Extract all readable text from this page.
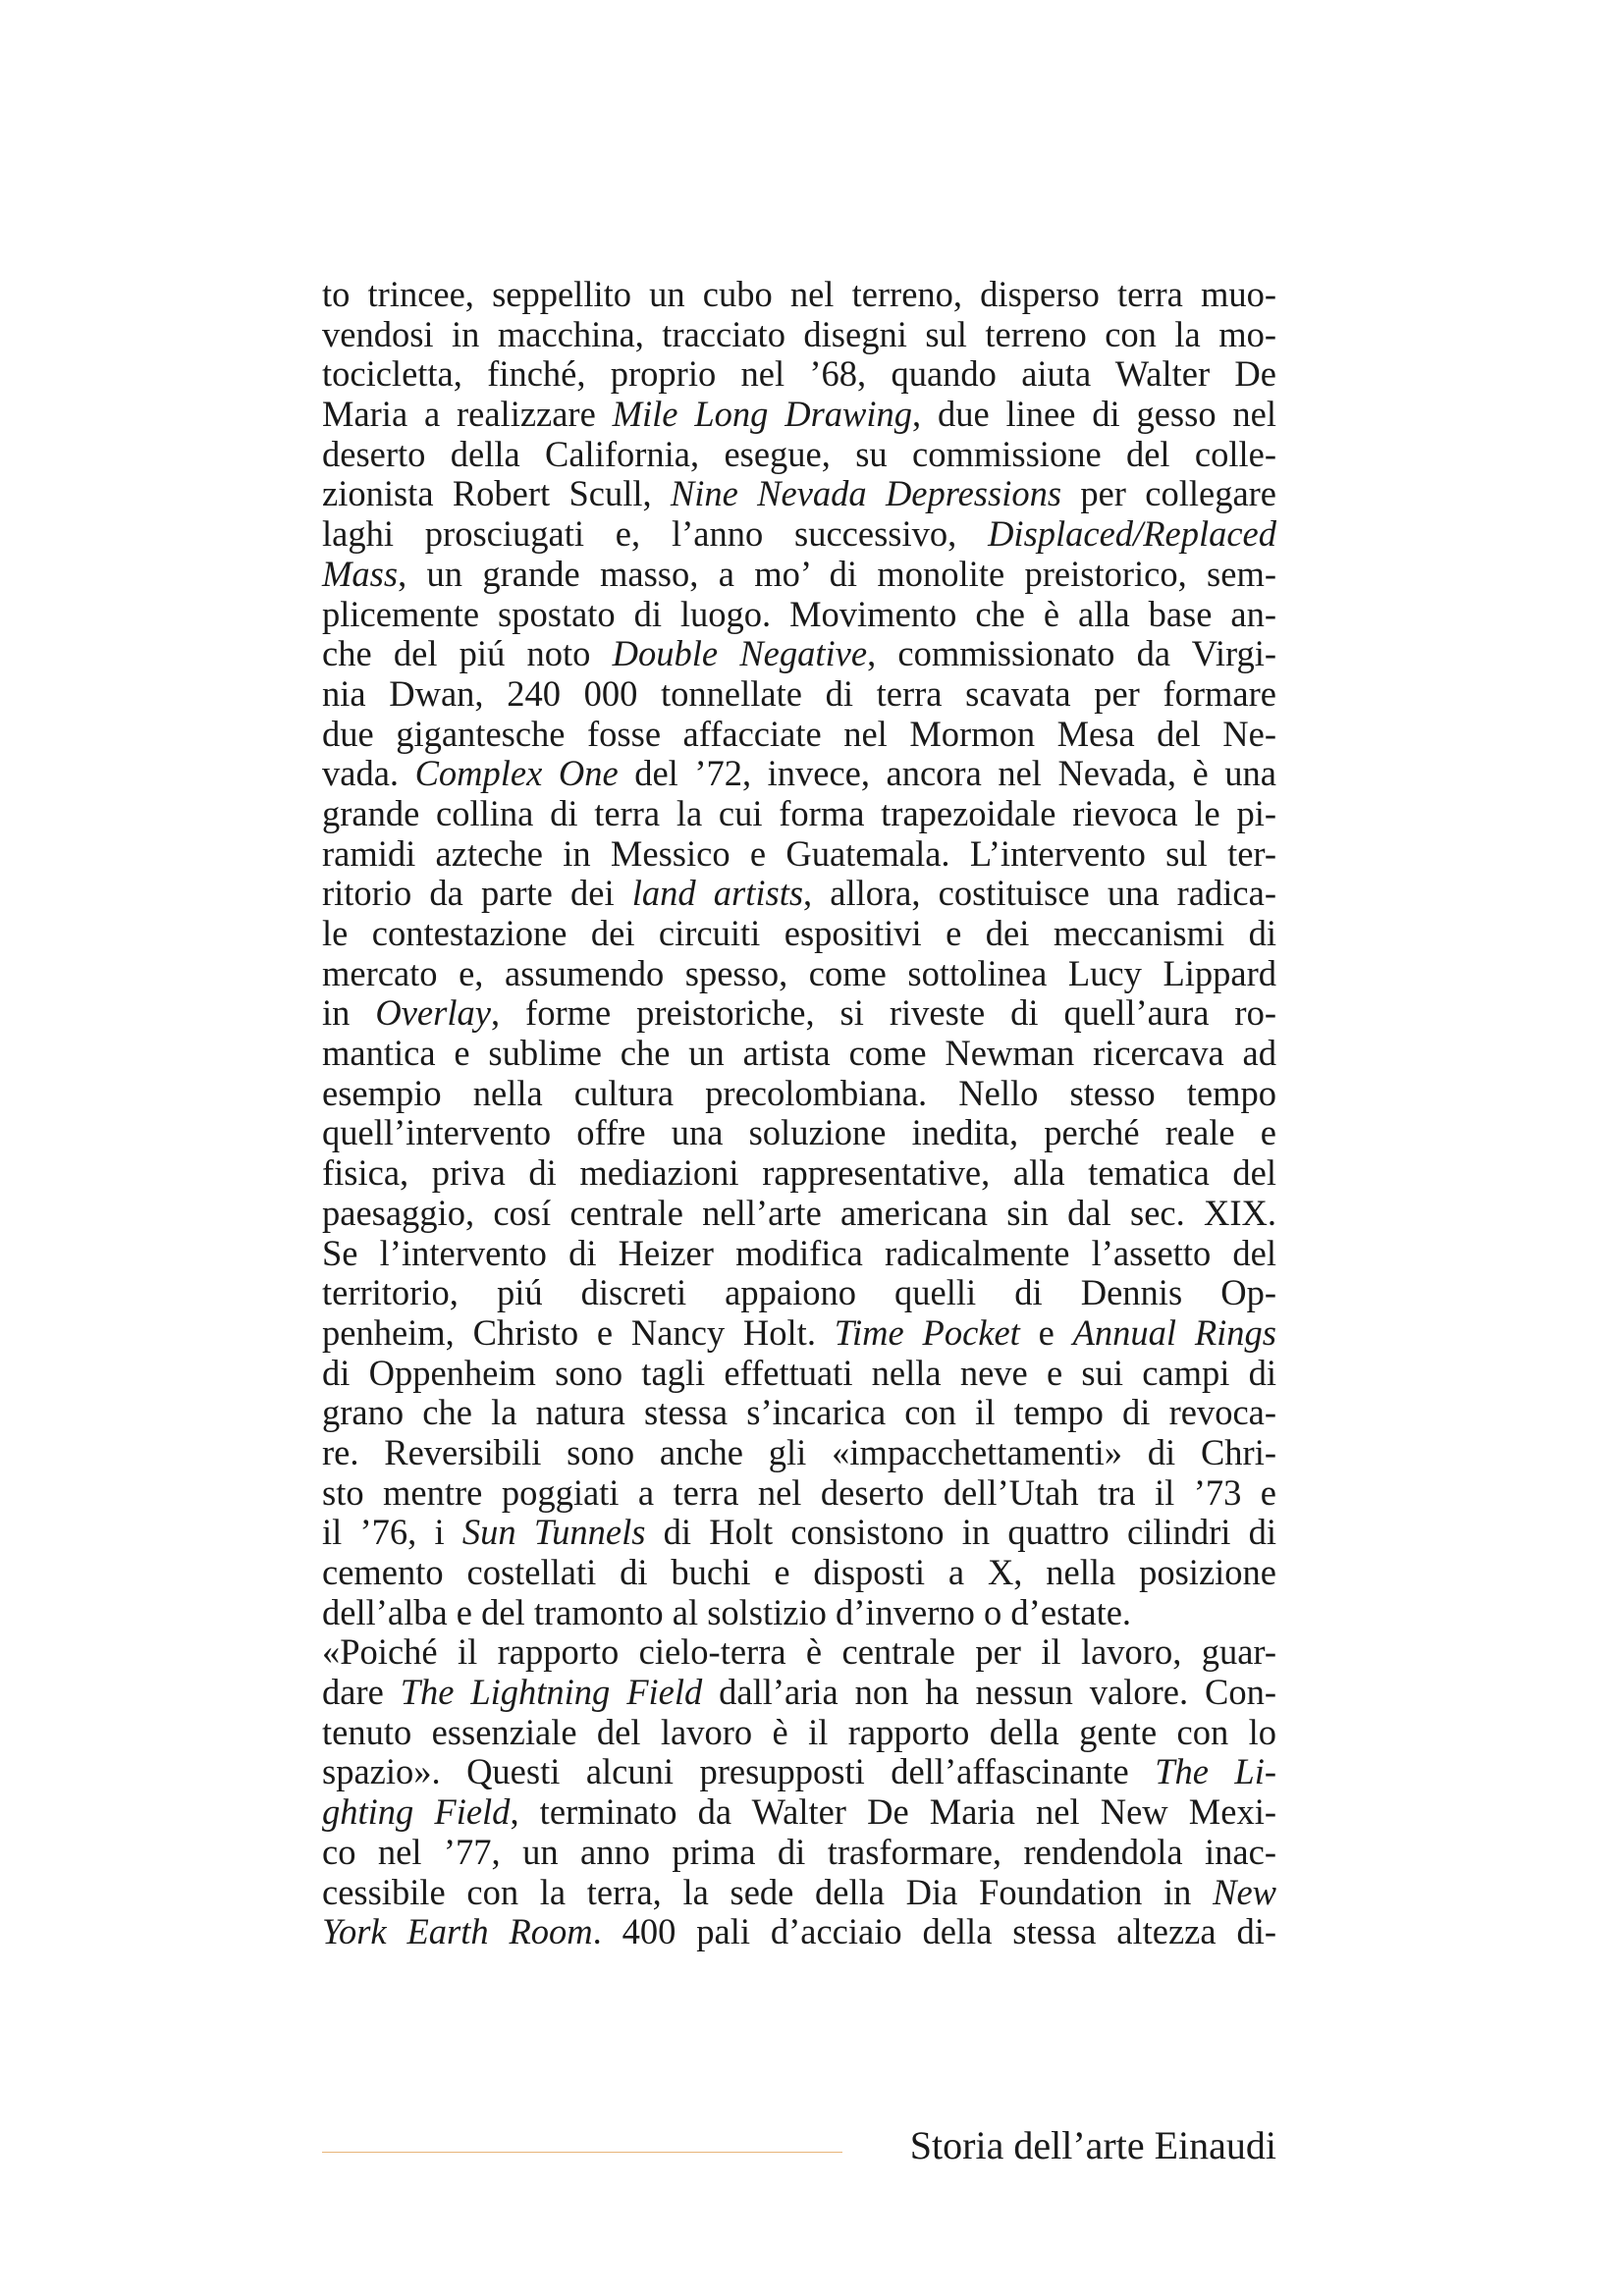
to trincee, seppellito un cubo nel terreno, disperso terra muo-
vendosi in macchina, tracciato disegni sul terreno con la mo-
tocicletta, finché, proprio nel ’68, quando aiuta Walter De
Maria a realizzare Mile Long Drawing, due linee di gesso nel
deserto della California, esegue, su commissione del colle-
zionista Robert Scull, Nine Nevada Depressions per collegare
laghi prosciugati e, l’anno successivo, Displaced/Replaced
Mass, un grande masso, a mo’ di monolite preistorico, sem-
plicemente spostato di luogo. Movimento che è alla base an-
che del piú noto Double Negative, commissionato da Virgi-
nia Dwan, 240 000 tonnellate di terra scavata per formare
due gigantesche fosse affacciate nel Mormon Mesa del Ne-
vada. Complex One del ’72, invece, ancora nel Nevada, è una
grande collina di terra la cui forma trapezoidale rievoca le pi-
ramidi azteche in Messico e Guatemala. L’intervento sul ter-
ritorio da parte dei land artists, allora, costituisce una radica-
le contestazione dei circuiti espositivi e dei meccanismi di
mercato e, assumendo spesso, come sottolinea Lucy Lippard
in Overlay, forme preistoriche, si riveste di quell’aura ro-
mantica e sublime che un artista come Newman ricercava ad
esempio nella cultura precolombiana. Nello stesso tempo
quell’intervento offre una soluzione inedita, perché reale e
fisica, priva di mediazioni rappresentative, alla tematica del
paesaggio, cosí centrale nell’arte americana sin dal sec. XIX.
Se l’intervento di Heizer modifica radicalmente l’assetto del
territorio, piú discreti appaiono quelli di Dennis Op-
penheim, Christo e Nancy Holt. Time Pocket e Annual Rings
di Oppenheim sono tagli effettuati nella neve e sui campi di
grano che la natura stessa s’incarica con il tempo di revoca-
re. Reversibili sono anche gli «impacchettamenti» di Chri-
sto mentre poggiati a terra nel deserto dell’Utah tra il ’73 e
il ’76, i Sun Tunnels di Holt consistono in quattro cilindri di
cemento costellati di buchi e disposti a X, nella posizione
dell’alba e del tramonto al solstizio d’inverno o d’estate.
«Poiché il rapporto cielo-terra è centrale per il lavoro, guar-
dare The Lightning Field dall’aria non ha nessun valore. Con-
tenuto essenziale del lavoro è il rapporto della gente con lo
spazio». Questi alcuni presupposti dell’affascinante The Li-
ghting Field, terminato da Walter De Maria nel New Mexi-
co nel ’77, un anno prima di trasformare, rendendola inac-
cessibile con la terra, la sede della Dia Foundation in New
York Earth Room. 400 pali d’acciaio della stessa altezza di-
Storia dell’arte Einaudi
